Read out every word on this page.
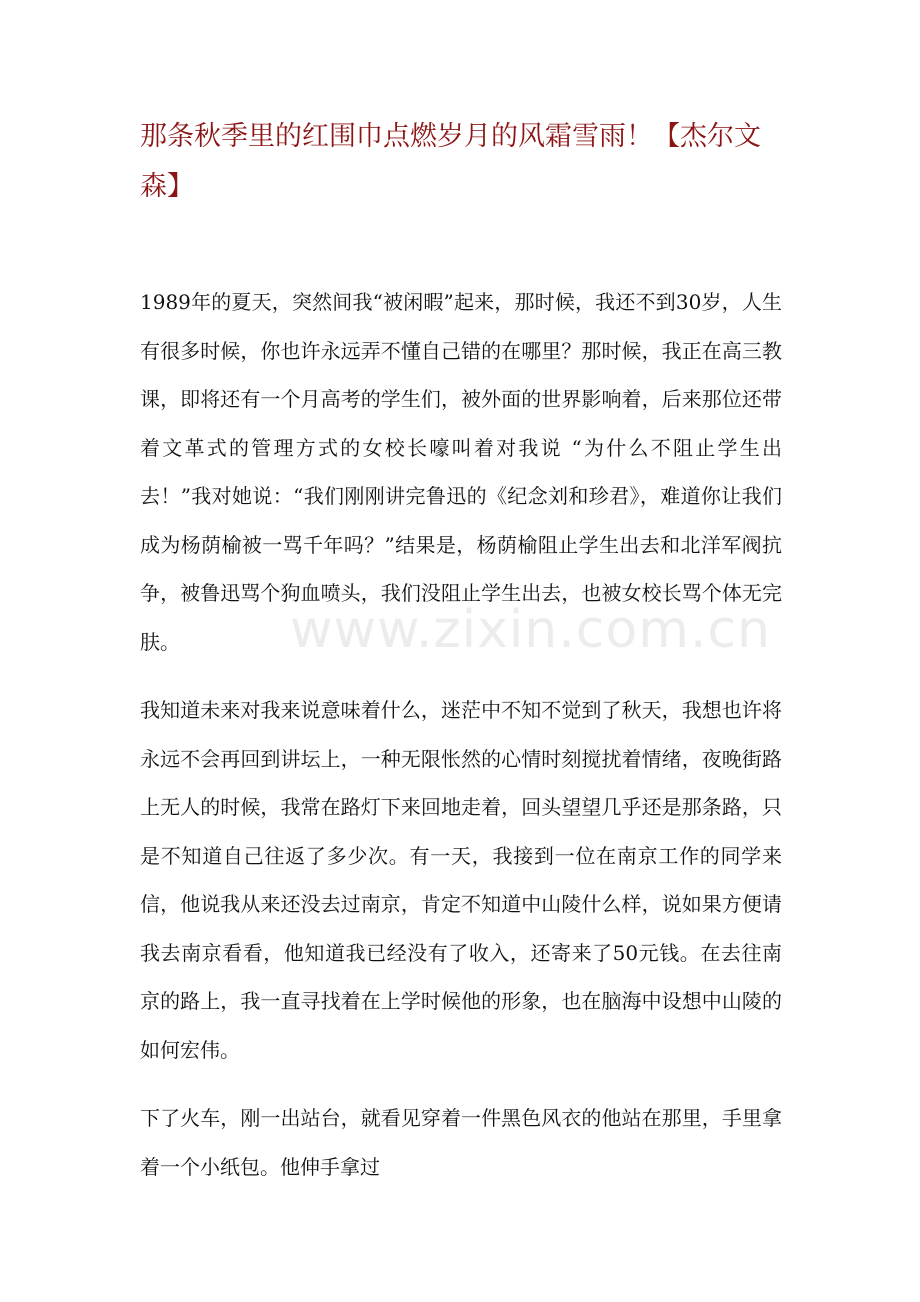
那条秋季里的红围巾点燃岁月的风霜雪雨！【杰尔文森】

1989年的夏天，突然间我“被闲暇”起来，那时候，我还不到30岁，人生有很多时候，你也许永远弄不懂自己错的在哪里？那时候，我正在高三教课，即将还有一个月高考的学生们，被外面的世界影响着，后来那位还带着文革式的管理方式的女校长嚎叫着对我说 “为什么不阻止学生出去！”我对她说：“我们刚刚讲完鲁迅的《纪念刘和珍君》，难道你让我们成为杨荫榆被一骂千年吗？”结果是，杨荫榆阻止学生出去和北洋军阀抗争，被鲁迅骂个狗血喷头，我们没阻止学生出去，也被女校长骂个体无完肤。

我知道未来对我来说意味着什么，迷茫中不知不觉到了秋天，我想也许将永远不会再回到讲坛上，一种无限怅然的心情时刻搅扰着情绪，夜晚街路上无人的时候，我常在路灯下来回地走着，回头望望几乎还是那条路，只是不知道自己往返了多少次。有一天，我接到一位在南京工作的同学来信，他说我从来还没去过南京，肯定不知道中山陵什么样，说如果方便请我去南京看看，他知道我已经没有了收入，还寄来了50元钱。在去往南京的路上，我一直寻找着在上学时候他的形象，也在脑海中设想中山陵的如何宏伟。

下了火车，刚一出站台，就看见穿着一件黑色风衣的他站在那里，手里拿着一个小纸包。他伸手拿过

www.zixin.com.cn
